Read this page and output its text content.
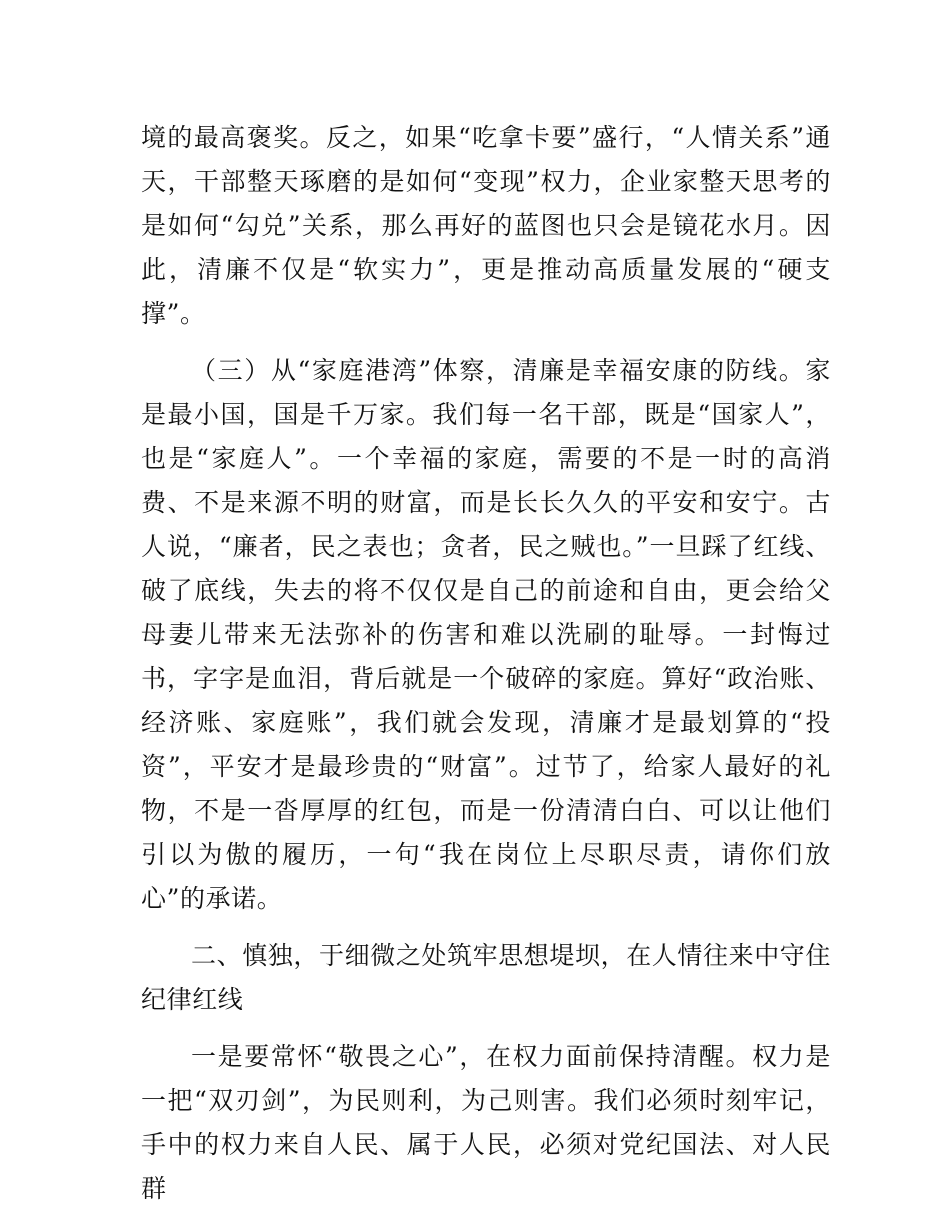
境的最高褒奖。反之，如果“吃拿卡要”盛行，“人情关系”通天，干部整天琢磨的是如何“变现”权力，企业家整天思考的是如何“勾兑”关系，那么再好的蓝图也只会是镜花水月。因此，清廉不仅是“软实力”，更是推动高质量发展的“硬支撑”。

（三）从“家庭港湾”体察，清廉是幸福安康的防线。家是最小国，国是千万家。我们每一名干部，既是“国家人”，也是“家庭人”。一个幸福的家庭，需要的不是一时的高消费、不是来源不明的财富，而是长长久久的平安和安宁。古人说，“廉者，民之表也；贪者，民之贼也。”一旦踩了红线、破了底线，失去的将不仅仅是自己的前途和自由，更会给父母妻儿带来无法弥补的伤害和难以洗刷的耻辱。一封悔过书，字字是血泪，背后就是一个破碎的家庭。算好“政治账、经济账、家庭账”，我们就会发现，清廉才是最划算的“投资”，平安才是最珍贵的“财富”。过节了，给家人最好的礼物，不是一沓厚厚的红包，而是一份清清白白、可以让他们引以为傲的履历，一句“我在岗位上尽职尽责，请你们放心”的承诺。

二、慎独，于细微之处筑牢思想堤坝，在人情往来中守住纪律红线

一是要常怀“敬畏之心”，在权力面前保持清醒。权力是一把“双刃剑”，为民则利，为己则害。我们必须时刻牢记，手中的权力来自人民、属于人民，必须对党纪国法、对人民群
